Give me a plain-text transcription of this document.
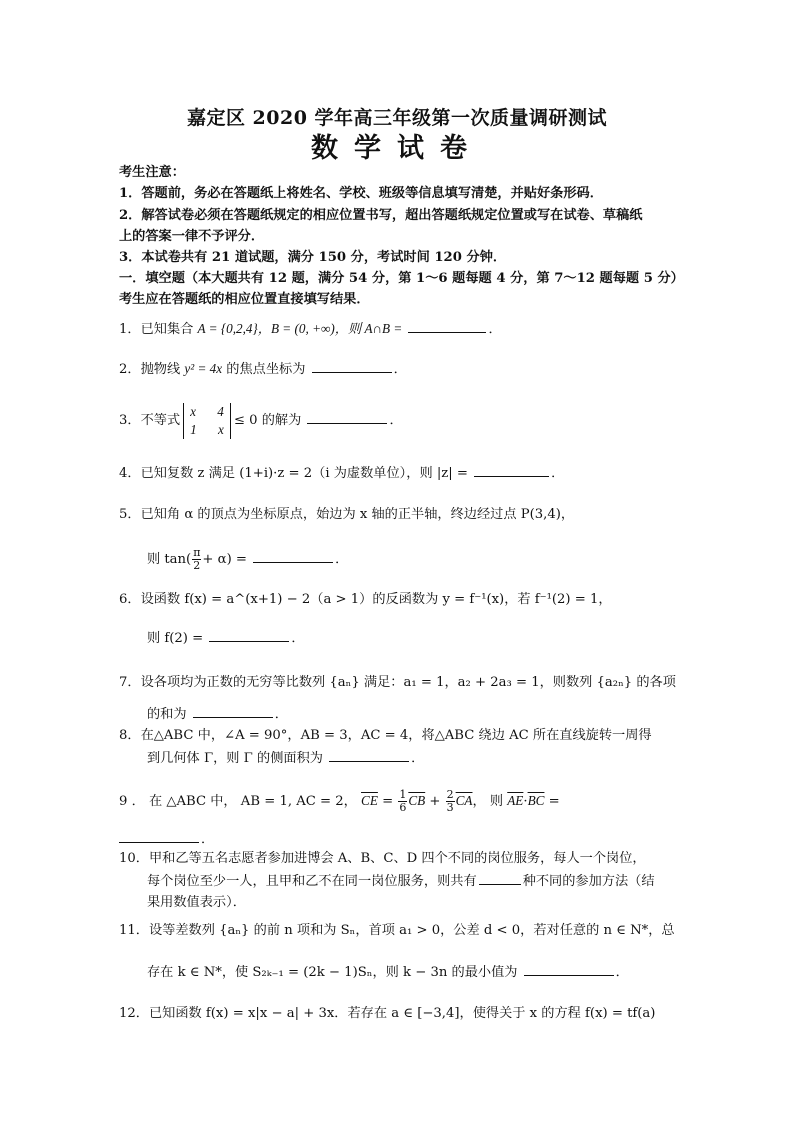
嘉定区 2020 学年高三年级第一次质量调研测试
数学试卷
考生注意：
1．答题前，务必在答题纸上将姓名、学校、班级等信息填写清楚，并贴好条形码．
2．解答试卷必须在答题纸规定的相应位置书写，超出答题纸规定位置或写在试卷、草稿纸
上的答案一律不予评分．
3．本试卷共有 21 道试题，满分 150 分，考试时间 120 分钟．
一．填空题（本大题共有 12 题，满分 54 分，第 1～6 题每题 4 分，第 7～12 题每题 5 分）
考生应在答题纸的相应位置直接填写结果．
1．已知集合 A = {0,2,4}，B = (0, +∞)，则 A∩B =	．
2．抛物线 y² = 4x 的焦点坐标为	．
3．不等式
x 4
1 x
≤ 0 的解为	．
4．已知复数 z 满足 (1+i)·z = 2（i 为虚数单位），则 |z| =	．
5．已知角 α 的顶点为坐标原点，始边为 x 轴的正半轴，终边经过点 P(3,4)，
则 $\tan( \frac{\pi}{2} + \alpha)$ =	．
6．设函数 f(x) = a^(x+1) − 2（a > 1）的反函数为 y = f⁻¹(x)，若 f⁻¹(2) = 1，
则 f(2) =	．
7．设各项均为正数的无穷等比数列 {aₙ} 满足：a₁ = 1，a₂ + 2a₃ = 1，则数列 {a₂ₙ} 的各项
的和为	．
8．在△ABC 中，∠A = 90°，AB = 3，AC = 4，将△ABC 绕边 AC 所在直线旋转一周得
到几何体 Γ，则 Γ 的侧面积为	．
9 ． 在 △ABC 中， AB = 1, AC = 2， $\overline{CE} = \frac{1}{6} \overline{CB} + \frac{2}{3} \overline{CA}$， 则 $\overline{AE}\cdot\overline{BC}$ =
．
10．甲和乙等五名志愿者参加进博会 A、B、C、D 四个不同的岗位服务，每人一个岗位，
每个岗位至少一人，且甲和乙不在同一岗位服务，则共有	种不同的参加方法（结
果用数值表示）．
11．设等差数列 {aₙ} 的前 n 项和为 Sₙ，首项 a₁ > 0，公差 d < 0，若对任意的 n ∈ N*，总
存在 k ∈ N*，使 S₂ₖ₋₁ = (2k − 1)Sₙ，则 k − 3n 的最小值为	．
12．已知函数 f(x) = x|x − a| + 3x．若存在 a ∈ [−3,4]，使得关于 x 的方程 f(x) = tf(a)
